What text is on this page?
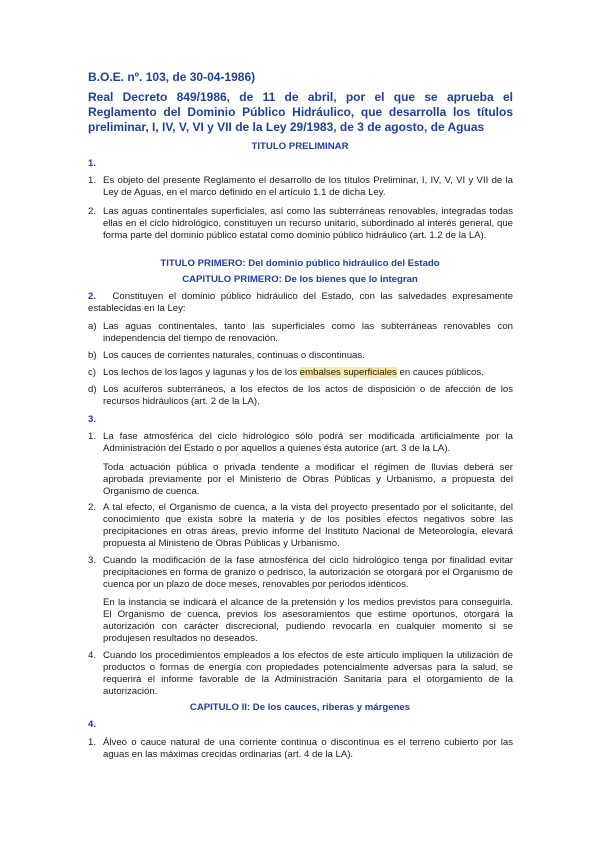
B.O.E. nº. 103, de 30-04-1986)

Real Decreto 849/1986, de 11 de abril, por el que se aprueba el Reglamento del Dominio Público Hidráulico, que desarrolla los títulos preliminar, I, IV, V, VI y VII de la Ley 29/1983, de 3 de agosto, de Aguas

TITULO PRELIMINAR
1.
1. Es objeto del presente Reglamento el desarrollo de los títulos Preliminar, I, IV, V, VI y VII de la Ley de Aguas, en el marco definido en el artículo 1.1 de dicha Ley.
2. Las aguas continentales superficiales, así como las subterráneas renovables, integradas todas ellas en el ciclo hidrológico, constituyen un recurso unitario, subordinado al interés general, que forma parte del dominio público estatal como dominio público hidráulico (art. 1.2 de la LA).
TITULO PRIMERO: Del dominio público hidráulico del Estado
CAPITULO PRIMERO: De los bienes que lo integran
2. Constituyen el dominio público hidráulico del Estado, con las salvedades expresamente establecidas en la Ley:
a) Las aguas continentales, tanto las superficiales como las subterráneas renovables con independencia del tiempo de renovación.
b) Los cauces de corrientes naturales, continuas o discontinuas.
c) Los lechos de los lagos y lagunas y los de los embalses superficiales en cauces públicos.
d) Los acuíferos subterráneos, a los efectos de los actos de disposición o de afección de los recursos hidráulicos (art. 2 de la LA).
3.
1. La fase atmosférica del ciclo hidrológico sólo podrá ser modificada artificialmente por la Administración del Estado o por aquellos a quienes ésta autorice (art. 3 de la LA).
Toda actuación pública o privada tendente a modificar el régimen de lluvias deberá ser aprobada previamente por el Ministerio de Obras Públicas y Urbanismo, a propuesta del Organismo de cuenca.
2. A tal efecto, el Organismo de cuenca, a la vista del proyecto presentado por el solicitante, del conocimiento que exista sobre la materia y de los posibles efectos negativos sobre las precipitaciones en otras áreas, previo informe del Instituto Nacional de Meteorología, elevará propuesta al Ministerio de Obras Públicas y Urbanismo.
3. Cuando la modificación de la fase atmosférica del ciclo hidrológico tenga por finalidad evitar precipitaciones en forma de granizo o pedrisco, la autorización se otorgará por el Organismo de cuenca por un plazo de doce meses, renovables por periodos idénticos.
En la instancia se indicará el alcance de la pretensión y los medios previstos para conseguirla. El Organismo de cuenca, previos los asesoramientos que estime oportunos, otorgará la autorización con carácter discrecional, pudiendo revocarla en cualquier momento si se produjesen resultados no deseados.
4. Cuando los procedimientos empleados a los efectos de este artículo impliquen la utilización de productos o formas de energía con propiedades potencialmente adversas para la salud, se requerirá el informe favorable de la Administración Sanitaria para el otorgamiento de la autorización.
CAPITULO II: De los cauces, riberas y márgenes
4.
1. Álveo o cauce natural de una corriente continua o discontinua es el terreno cubierto por las aguas en las máximas crecidas ordinarias (art. 4 de la LA).
